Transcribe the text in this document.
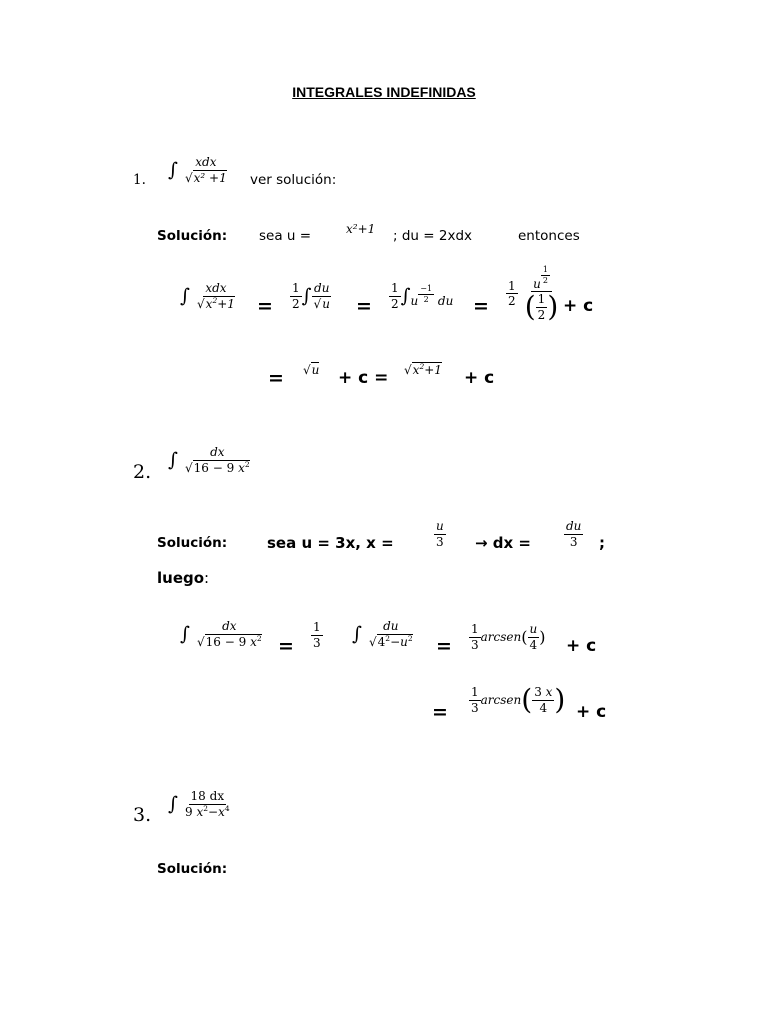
INTEGRALES INDEFINIDAS
1. ∫ $\frac{\text{xdx}}{\text{√x² +1}}$ ver solución:
Solución: sea u =	x²+1 ; du = 2xdx	entonces
∫ $\frac{\text{xdx}}{√x^2+1} = \frac{1}{2}$ ∫ $\frac{du}{√u} = \frac{1}{2} \int u \frac{-1}{2}$ du = $\frac{1}{2}$
$\frac{u \frac{1}{2}}{( \frac{1}{2} )} + c$
= $√u + c = √x^2+1 + c$
2.
∫ $\frac{dx}{√16 - 9 x^2}$
Solución:	sea u = 3x, x =	$\frac{u}{3}$ → dx =	$\frac{du}{3}$ ;
luego:
∫ $\frac{dx}{√16 - 9 x^2} = \frac{1}{3}$ ∫ $\frac{du}{√4^2-u^2} = \frac{1}{3}$ arcsen( $\frac{u}{4}$ ) + c
= $\frac{1}{3}$ arcsen( $\frac{3 x}{4}$ ) + c
3. ∫ $\frac{18 dx}{9 x^2-x^4}$
Solución:
